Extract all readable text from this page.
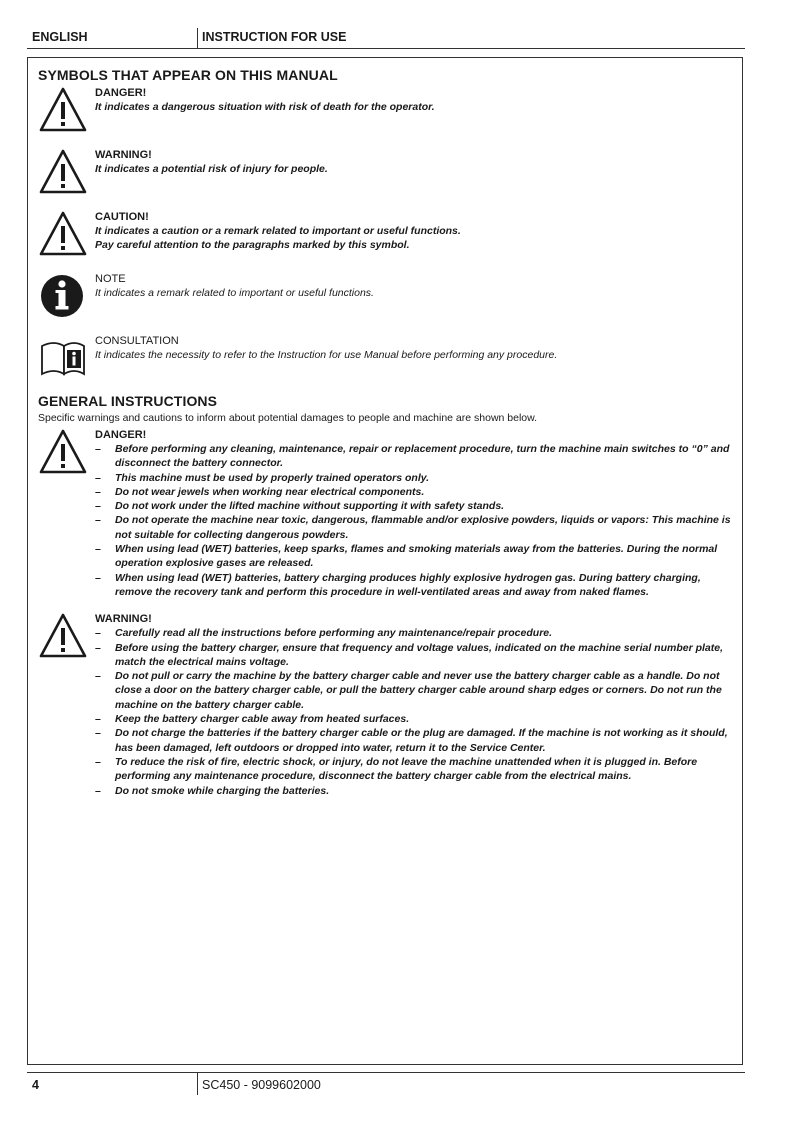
ENGLISH	INSTRUCTION FOR USE
SYMBOLS THAT APPEAR ON THIS MANUAL
DANGER!
It indicates a dangerous situation with risk of death for the operator.
WARNING!
It indicates a potential risk of injury for people.
CAUTION!
It indicates a caution or a remark related to important or useful functions.
Pay careful attention to the paragraphs marked by this symbol.
NOTE
It indicates a remark related to important or useful functions.
CONSULTATION
It indicates the necessity to refer to the Instruction for use Manual before performing any procedure.
GENERAL INSTRUCTIONS
Specific warnings and cautions to inform about potential damages to people and machine are shown below.
DANGER!
– Before performing any cleaning, maintenance, repair or replacement procedure, turn the machine main switches to “0” and disconnect the battery connector.
– This machine must be used by properly trained operators only.
– Do not wear jewels when working near electrical components.
– Do not work under the lifted machine without supporting it with safety stands.
– Do not operate the machine near toxic, dangerous, flammable and/or explosive powders, liquids or vapors: This machine is not suitable for collecting dangerous powders.
– When using lead (WET) batteries, keep sparks, flames and smoking materials away from the batteries. During the normal operation explosive gases are released.
– When using lead (WET) batteries, battery charging produces highly explosive hydrogen gas. During battery charging, remove the recovery tank and perform this procedure in well-ventilated areas and away from naked flames.
WARNING!
– Carefully read all the instructions before performing any maintenance/repair procedure.
– Before using the battery charger, ensure that frequency and voltage values, indicated on the machine serial number plate, match the electrical mains voltage.
– Do not pull or carry the machine by the battery charger cable and never use the battery charger cable as a handle. Do not close a door on the battery charger cable, or pull the battery charger cable around sharp edges or corners. Do not run the machine on the battery charger cable.
– Keep the battery charger cable away from heated surfaces.
– Do not charge the batteries if the battery charger cable or the plug are damaged. If the machine is not working as it should, has been damaged, left outdoors or dropped into water, return it to the Service Center.
– To reduce the risk of fire, electric shock, or injury, do not leave the machine unattended when it is plugged in. Before performing any maintenance procedure, disconnect the battery charger cable from the electrical mains.
– Do not smoke while charging the batteries.
4	SC450 - 9099602000
